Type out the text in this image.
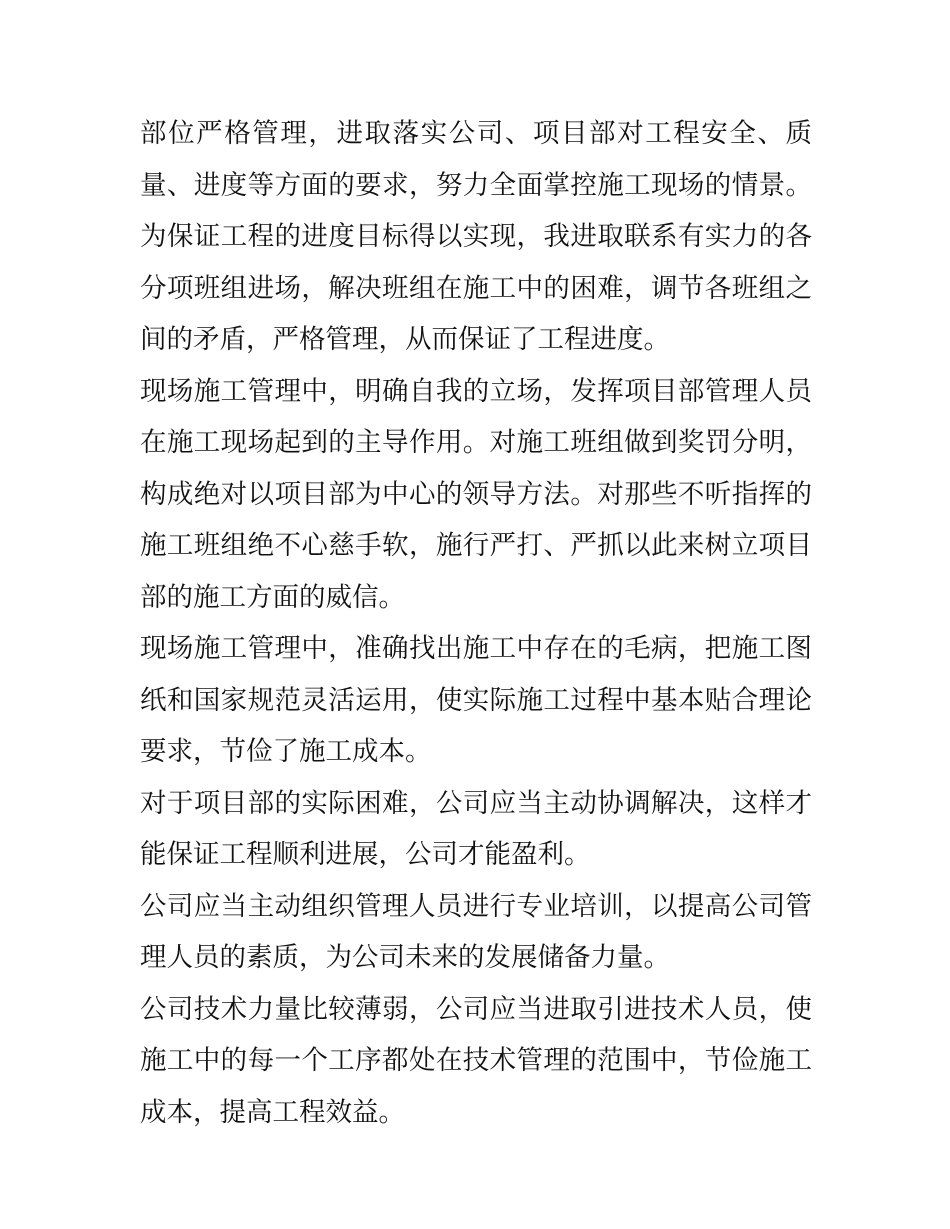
部位严格管理，进取落实公司、项目部对工程安全、质量、进度等方面的要求，努力全面掌控施工现场的情景。为保证工程的进度目标得以实现，我进取联系有实力的各分项班组进场，解决班组在施工中的困难，调节各班组之间的矛盾，严格管理，从而保证了工程进度。

现场施工管理中，明确自我的立场，发挥项目部管理人员在施工现场起到的主导作用。对施工班组做到奖罚分明，构成绝对以项目部为中心的领导方法。对那些不听指挥的施工班组绝不心慈手软，施行严打、严抓以此来树立项目部的施工方面的威信。

现场施工管理中，准确找出施工中存在的毛病，把施工图纸和国家规范灵活运用，使实际施工过程中基本贴合理论要求，节俭了施工成本。

对于项目部的实际困难，公司应当主动协调解决，这样才能保证工程顺利进展，公司才能盈利。

公司应当主动组织管理人员进行专业培训，以提高公司管理人员的素质，为公司未来的发展储备力量。

公司技术力量比较薄弱，公司应当进取引进技术人员，使施工中的每一个工序都处在技术管理的范围中，节俭施工成本，提高工程效益。
